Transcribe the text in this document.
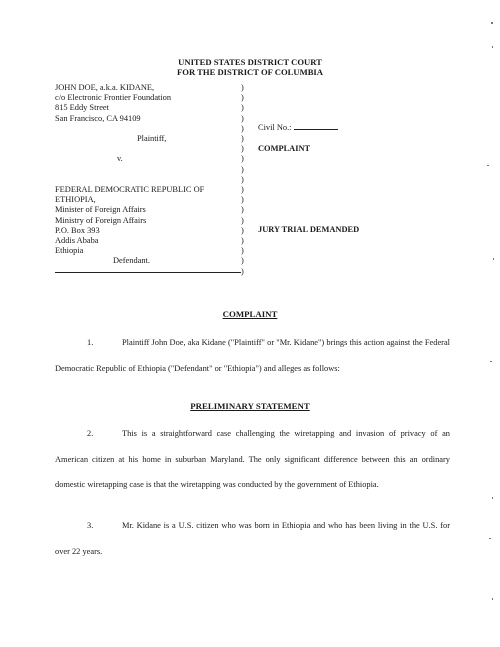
UNITED STATES DISTRICT COURT
FOR THE DISTRICT OF COLUMBIA
JOHN DOE, a.k.a. KIDANE,
c/o Electronic Frontier Foundation
815 Eddy Street
San Francisco, CA 94109

Plaintiff,

v.

FEDERAL DEMOCRATIC REPUBLIC OF
ETHIOPIA,
Minister of Foreign Affairs
Ministry of Foreign Affairs
P.O. Box 393
Addis Ababa
Ethiopia
Defendant.
)
)
)
)
)
)
)
)
)
)
)
)
)
)
)
)
)
)
)
Civil No.:
COMPLAINT
JURY TRIAL DEMANDED
COMPLAINT
1.	Plaintiff John Doe, aka Kidane ("Plaintiff" or "Mr. Kidane") brings this action against the Federal Democratic Republic of Ethiopia ("Defendant" or "Ethiopia") and alleges as follows:
PRELIMINARY STATEMENT
2.	This is a straightforward case challenging the wiretapping and invasion of privacy of an American citizen at his home in suburban Maryland. The only significant difference between this an ordinary domestic wiretapping case is that the wiretapping was conducted by the government of Ethiopia.
3.	Mr. Kidane is a U.S. citizen who was born in Ethiopia and who has been living in the U.S. for over 22 years.
